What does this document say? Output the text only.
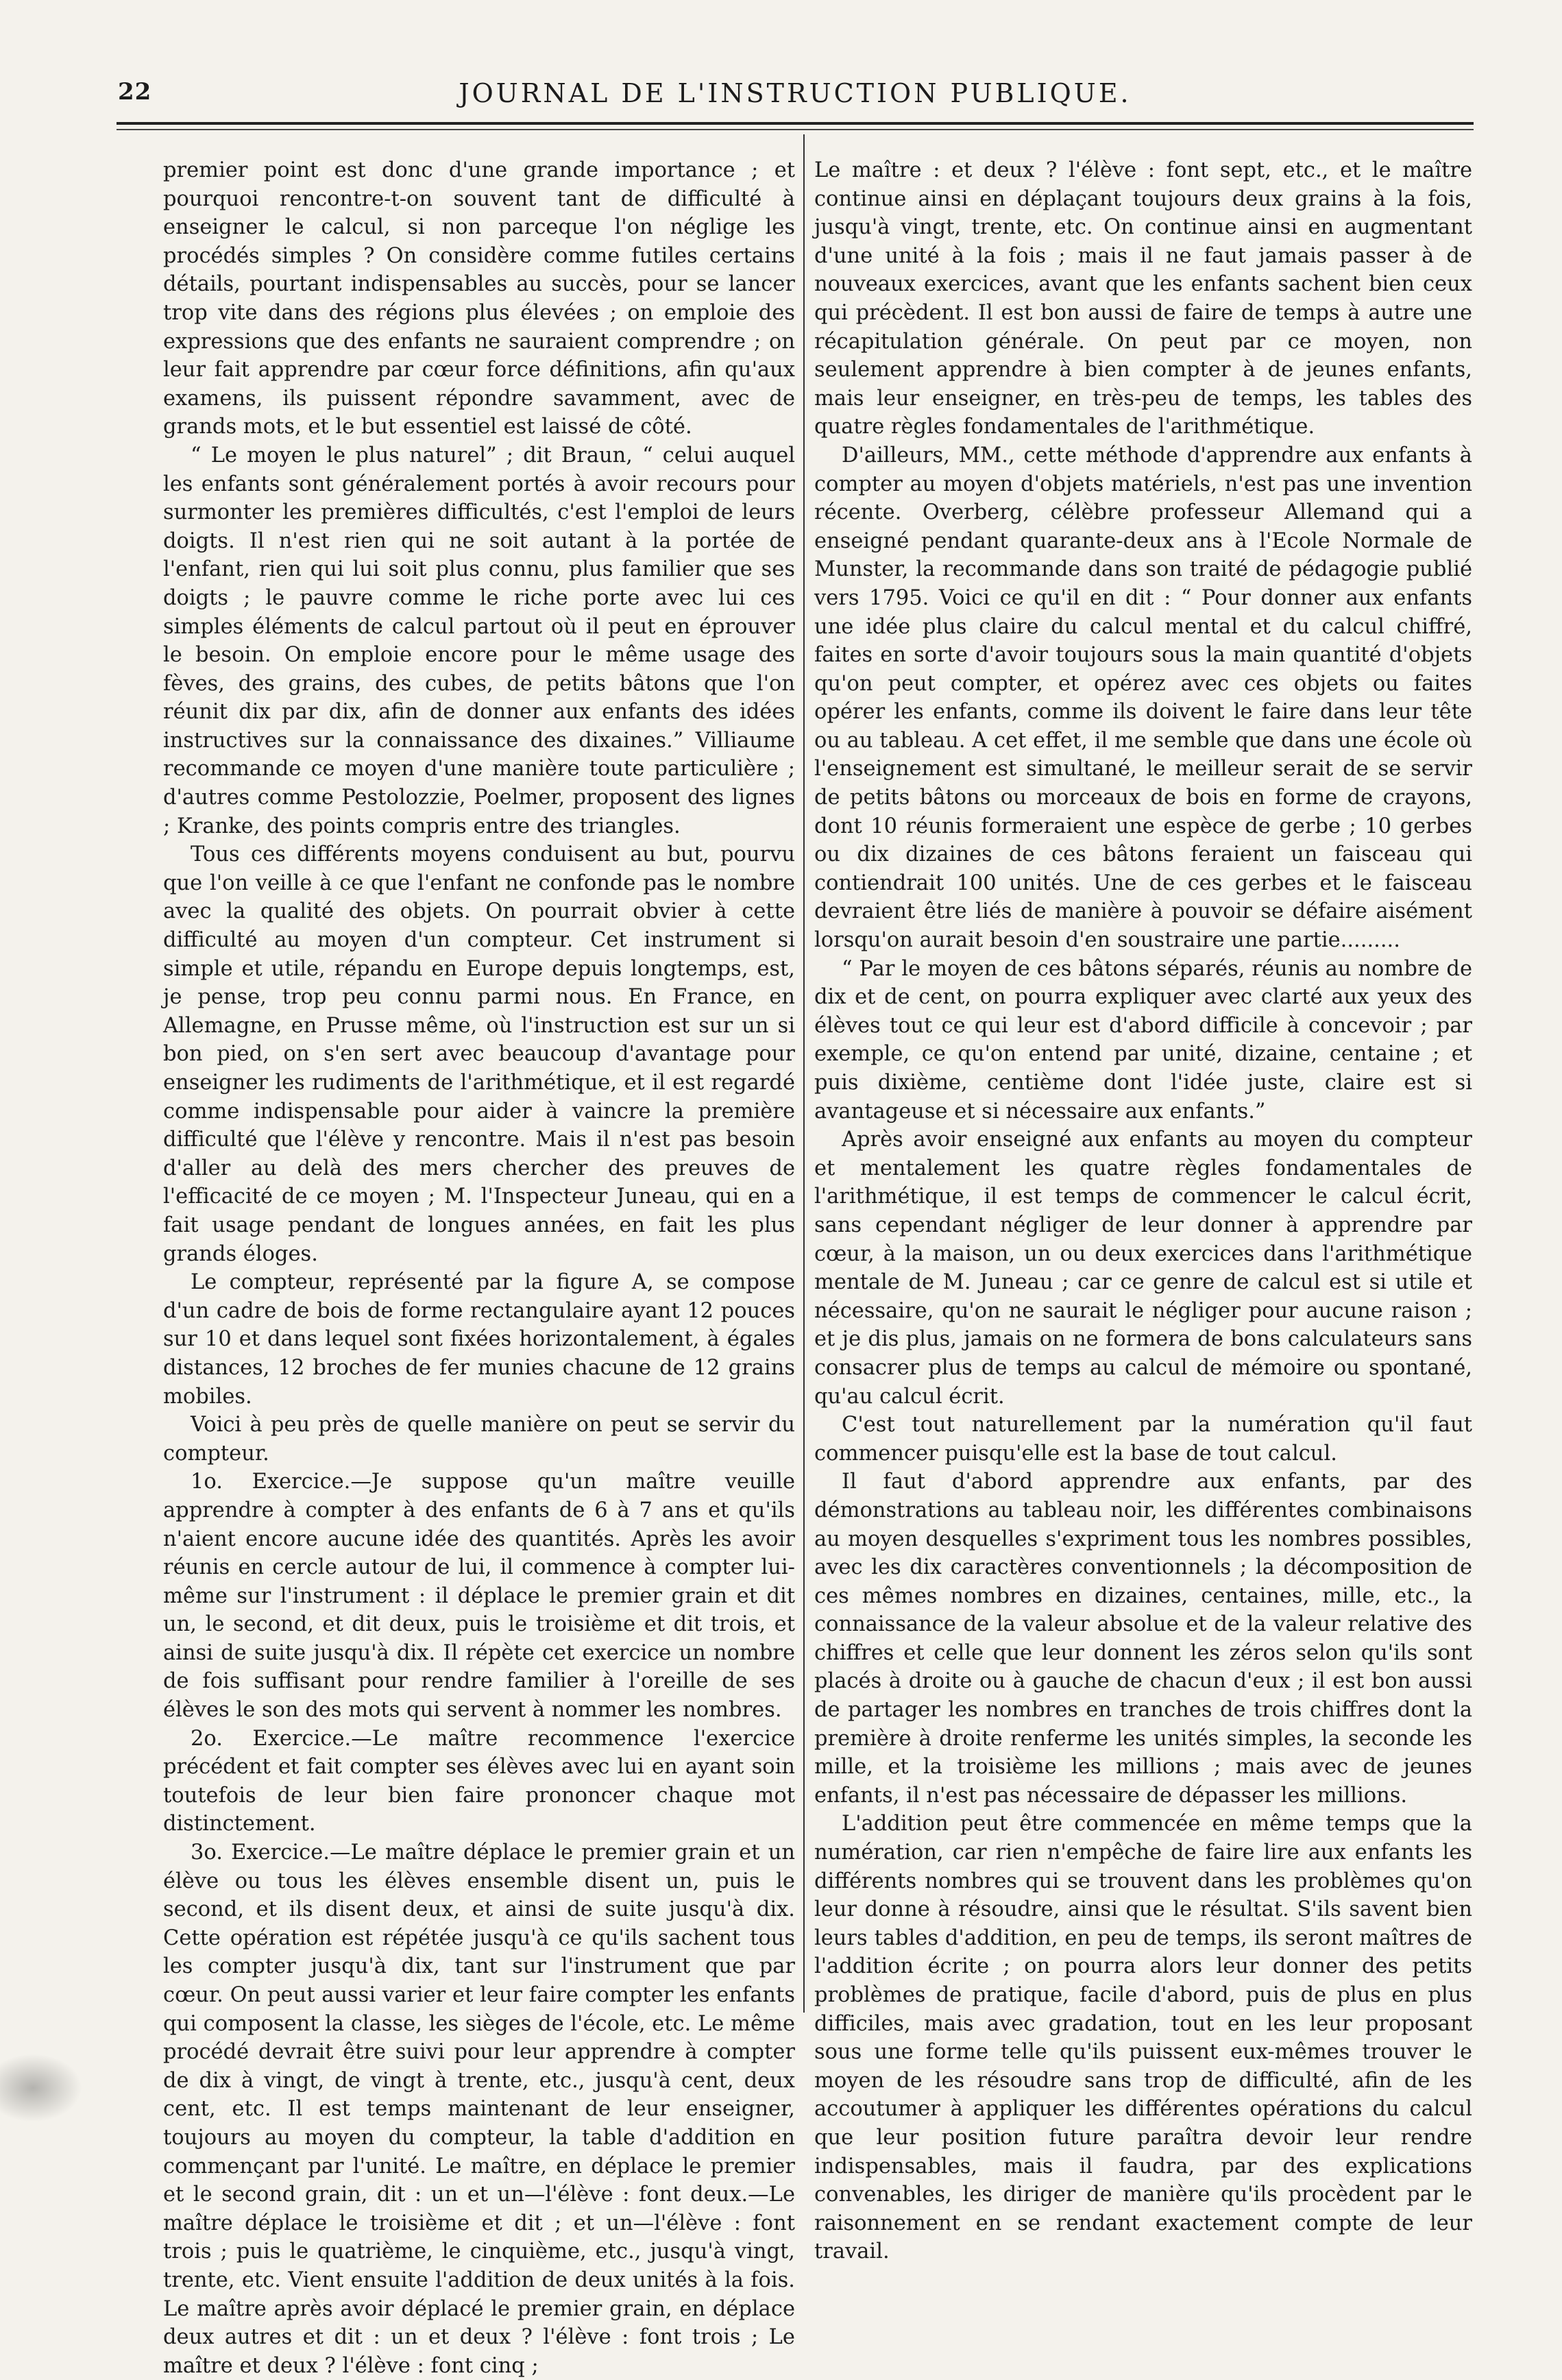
22	JOURNAL DE L'INSTRUCTION PUBLIQUE.

premier point est donc d'une grande importance ; et pourquoi rencontre-t-on souvent tant de difficulté à enseigner le calcul, si non parceque l'on néglige les procédés simples ? On considère comme futiles certains détails, pourtant indispensables au succès, pour se lancer trop vite dans des régions plus élevées ; on emploie des expressions que des enfants ne sauraient comprendre ; on leur fait apprendre par cœur force définitions, afin qu'aux examens, ils puissent répondre savamment, avec de grands mots, et le but essentiel est laissé de côté.

“ Le moyen le plus naturel” ; dit Braun, “ celui auquel les enfants sont généralement portés à avoir recours pour surmonter les premières difficultés, c'est l'emploi de leurs doigts. Il n'est rien qui ne soit autant à la portée de l'enfant, rien qui lui soit plus connu, plus familier que ses doigts ; le pauvre comme le riche porte avec lui ces simples éléments de calcul partout où il peut en éprouver le besoin. On emploie encore pour le même usage des fèves, des grains, des cubes, de petits bâtons que l'on réunit dix par dix, afin de donner aux enfants des idées instructives sur la connaissance des dixaines.” Villiaume recommande ce moyen d'une manière toute particulière ; d'autres comme Pestolozzie, Poelmer, proposent des lignes ; Kranke, des points compris entre des triangles.

Tous ces différents moyens conduisent au but, pourvu que l'on veille à ce que l'enfant ne confonde pas le nombre avec la qualité des objets. On pourrait obvier à cette difficulté au moyen d'un compteur. Cet instrument si simple et utile, répandu en Europe depuis longtemps, est, je pense, trop peu connu parmi nous. En France, en Allemagne, en Prusse même, où l'instruction est sur un si bon pied, on s'en sert avec beaucoup d'avantage pour enseigner les rudiments de l'arithmétique, et il est regardé comme indispensable pour aider à vaincre la première difficulté que l'élève y rencontre. Mais il n'est pas besoin d'aller au delà des mers chercher des preuves de l'efficacité de ce moyen ; M. l'Inspecteur Juneau, qui en a fait usage pendant de longues années, en fait les plus grands éloges.

Le compteur, représenté par la figure A, se compose d'un cadre de bois de forme rectangulaire ayant 12 pouces sur 10 et dans lequel sont fixées horizontalement, à égales distances, 12 broches de fer munies chacune de 12 grains mobiles.

Voici à peu près de quelle manière on peut se servir du compteur.

1o. Exercice.—Je suppose qu'un maître veuille apprendre à compter à des enfants de 6 à 7 ans et qu'ils n'aient encore aucune idée des quantités. Après les avoir réunis en cercle autour de lui, il commence à compter lui-même sur l'instrument : il déplace le premier grain et dit un, le second, et dit deux, puis le troisième et dit trois, et ainsi de suite jusqu'à dix. Il répète cet exercice un nombre de fois suffisant pour rendre familier à l'oreille de ses élèves le son des mots qui servent à nommer les nombres.

2o. Exercice.—Le maître recommence l'exercice précédent et fait compter ses élèves avec lui en ayant soin toutefois de leur bien faire prononcer chaque mot distinctement.

3o. Exercice.—Le maître déplace le premier grain et un élève ou tous les élèves ensemble disent un, puis le second, et ils disent deux, et ainsi de suite jusqu'à dix. Cette opération est répétée jusqu'à ce qu'ils sachent tous les compter jusqu'à dix, tant sur l'instrument que par cœur. On peut aussi varier et leur faire compter les enfants qui composent la classe, les sièges de l'école, etc. Le même procédé devrait être suivi pour leur apprendre à compter de dix à vingt, de vingt à trente, etc., jusqu'à cent, deux cent, etc. Il est temps maintenant de leur enseigner, toujours au moyen du compteur, la table d'addition en commençant par l'unité. Le maître, en déplace le premier et le second grain, dit : un et un—l'élève : font deux.—Le maître déplace le troisième et dit ; et un—l'élève : font trois ; puis le quatrième, le cinquième, etc., jusqu'à vingt, trente, etc. Vient ensuite l'addition de deux unités à la fois. Le maître après avoir déplacé le premier grain, en déplace deux autres et dit : un et deux ? l'élève : font trois ; Le maître et deux ? l'élève : font cinq ;

Le maître : et deux ? l'élève : font sept, etc., et le maître continue ainsi en déplaçant toujours deux grains à la fois, jusqu'à vingt, trente, etc. On continue ainsi en augmentant d'une unité à la fois ; mais il ne faut jamais passer à de nouveaux exercices, avant que les enfants sachent bien ceux qui précèdent. Il est bon aussi de faire de temps à autre une récapitulation générale. On peut par ce moyen, non seulement apprendre à bien compter à de jeunes enfants, mais leur enseigner, en très-peu de temps, les tables des quatre règles fondamentales de l'arithmétique.

D'ailleurs, MM., cette méthode d'apprendre aux enfants à compter au moyen d'objets matériels, n'est pas une invention récente. Overberg, célèbre professeur Allemand qui a enseigné pendant quarante-deux ans à l'Ecole Normale de Munster, la recommande dans son traité de pédagogie publié vers 1795. Voici ce qu'il en dit : “ Pour donner aux enfants une idée plus claire du calcul mental et du calcul chiffré, faites en sorte d'avoir toujours sous la main quantité d'objets qu'on peut compter, et opérez avec ces objets ou faites opérer les enfants, comme ils doivent le faire dans leur tête ou au tableau. A cet effet, il me semble que dans une école où l'enseignement est simultané, le meilleur serait de se servir de petits bâtons ou morceaux de bois en forme de crayons, dont 10 réunis formeraient une espèce de gerbe ; 10 gerbes ou dix dizaines de ces bâtons feraient un faisceau qui contiendrait 100 unités. Une de ces gerbes et le faisceau devraient être liés de manière à pouvoir se défaire aisément lorsqu'on aurait besoin d'en soustraire une partie.........

“ Par le moyen de ces bâtons séparés, réunis au nombre de dix et de cent, on pourra expliquer avec clarté aux yeux des élèves tout ce qui leur est d'abord difficile à concevoir ; par exemple, ce qu'on entend par unité, dizaine, centaine ; et puis dixième, centième dont l'idée juste, claire est si avantageuse et si nécessaire aux enfants.”

Après avoir enseigné aux enfants au moyen du compteur et mentalement les quatre règles fondamentales de l'arithmétique, il est temps de commencer le calcul écrit, sans cependant négliger de leur donner à apprendre par cœur, à la maison, un ou deux exercices dans l'arithmétique mentale de M. Juneau ; car ce genre de calcul est si utile et nécessaire, qu'on ne saurait le négliger pour aucune raison ; et je dis plus, jamais on ne formera de bons calculateurs sans consacrer plus de temps au calcul de mémoire ou spontané, qu'au calcul écrit.

C'est tout naturellement par la numération qu'il faut commencer puisqu'elle est la base de tout calcul.

Il faut d'abord apprendre aux enfants, par des démonstrations au tableau noir, les différentes combinaisons au moyen desquelles s'expriment tous les nombres possibles, avec les dix caractères conventionnels ; la décomposition de ces mêmes nombres en dizaines, centaines, mille, etc., la connaissance de la valeur absolue et de la valeur relative des chiffres et celle que leur donnent les zéros selon qu'ils sont placés à droite ou à gauche de chacun d'eux ; il est bon aussi de partager les nombres en tranches de trois chiffres dont la première à droite renferme les unités simples, la seconde les mille, et la troisième les millions ; mais avec de jeunes enfants, il n'est pas nécessaire de dépasser les millions.

L'addition peut être commencée en même temps que la numération, car rien n'empêche de faire lire aux enfants les différents nombres qui se trouvent dans les problèmes qu'on leur donne à résoudre, ainsi que le résultat. S'ils savent bien leurs tables d'addition, en peu de temps, ils seront maîtres de l'addition écrite ; on pourra alors leur donner des petits problèmes de pratique, facile d'abord, puis de plus en plus difficiles, mais avec gradation, tout en les leur proposant sous une forme telle qu'ils puissent eux-mêmes trouver le moyen de les résoudre sans trop de difficulté, afin de les accoutumer à appliquer les différentes opérations du calcul que leur position future paraîtra devoir leur rendre indispensables, mais il faudra, par des explications convenables, les diriger de manière qu'ils procèdent par le raisonnement en se rendant exactement compte de leur travail.
